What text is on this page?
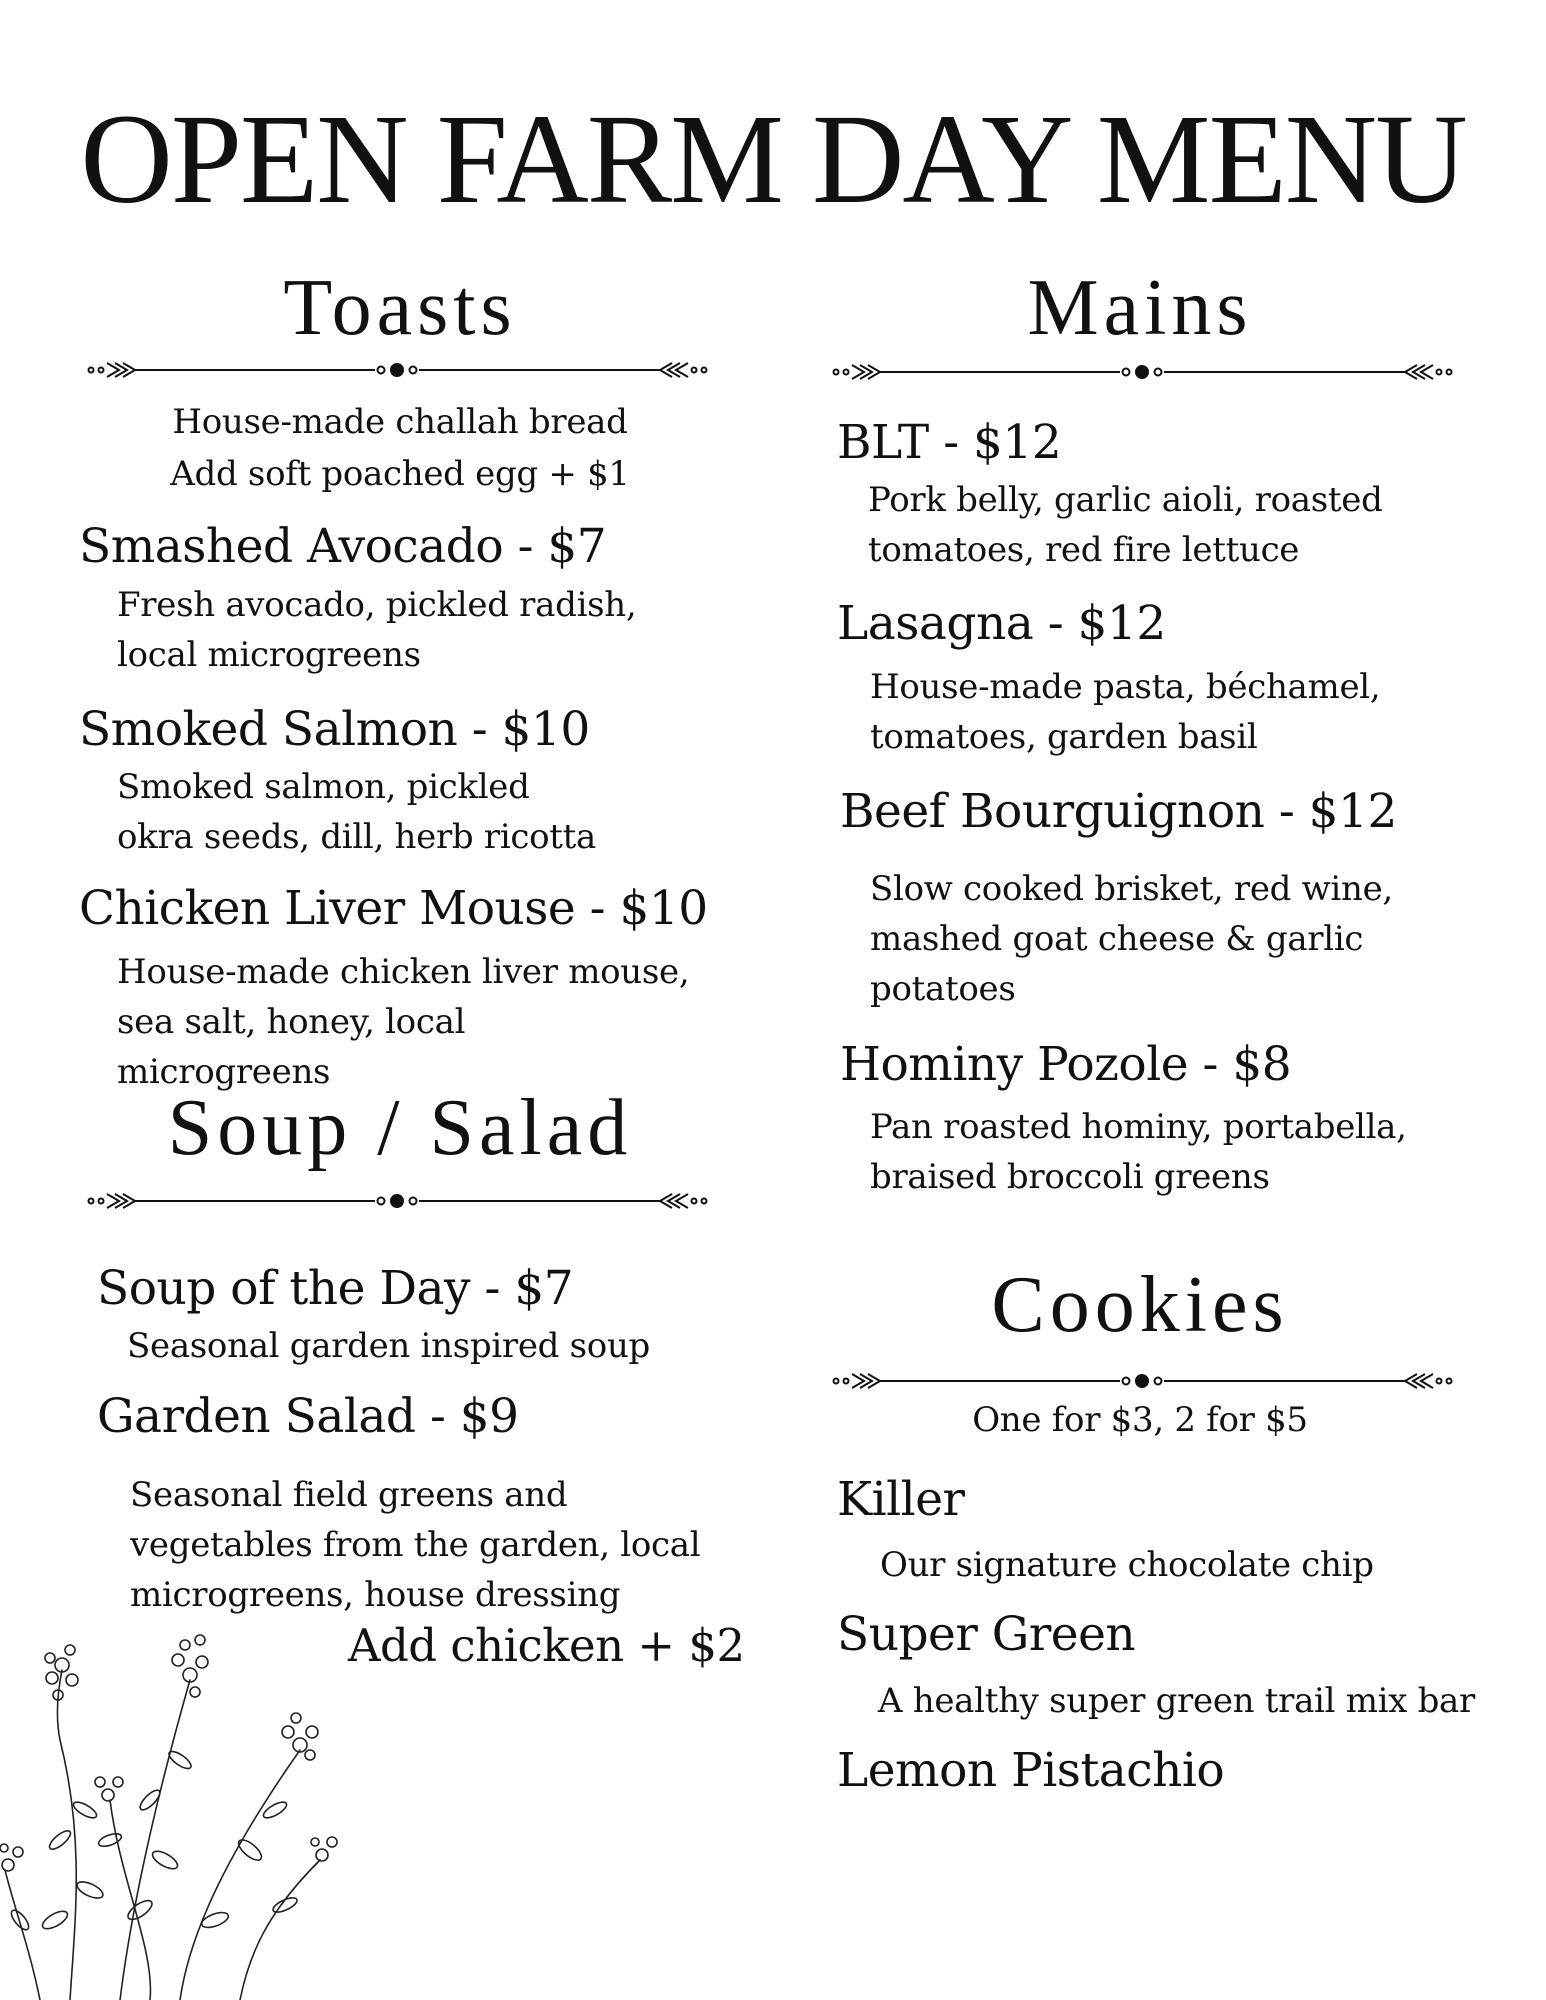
OPEN FARM DAY MENU
Toasts
House-made challah bread
Add soft poached egg + $1
Smashed Avocado - $7
Fresh avocado, pickled radish,
local microgreens
Smoked Salmon - $10
Smoked salmon, pickled
okra seeds, dill, herb ricotta
Chicken Liver Mouse - $10
House-made chicken liver mouse,
sea salt, honey, local
microgreens
Soup / Salad
Soup of the Day - $7
Seasonal garden inspired soup
Garden Salad - $9
Seasonal field greens and
vegetables from the garden, local
microgreens, house dressing
Add chicken + $2
Mains
BLT - $12
Pork belly, garlic aioli, roasted
tomatoes, red fire lettuce
Lasagna - $12
House-made pasta, béchamel,
tomatoes, garden basil
Beef Bourguignon - $12
Slow cooked brisket, red wine,
mashed goat cheese & garlic
potatoes
Hominy Pozole - $8
Pan roasted hominy, portabella,
braised broccoli greens
Cookies
One for $3, 2 for $5
Killer
Our signature chocolate chip
Super Green
A healthy super green trail mix bar
Lemon Pistachio
